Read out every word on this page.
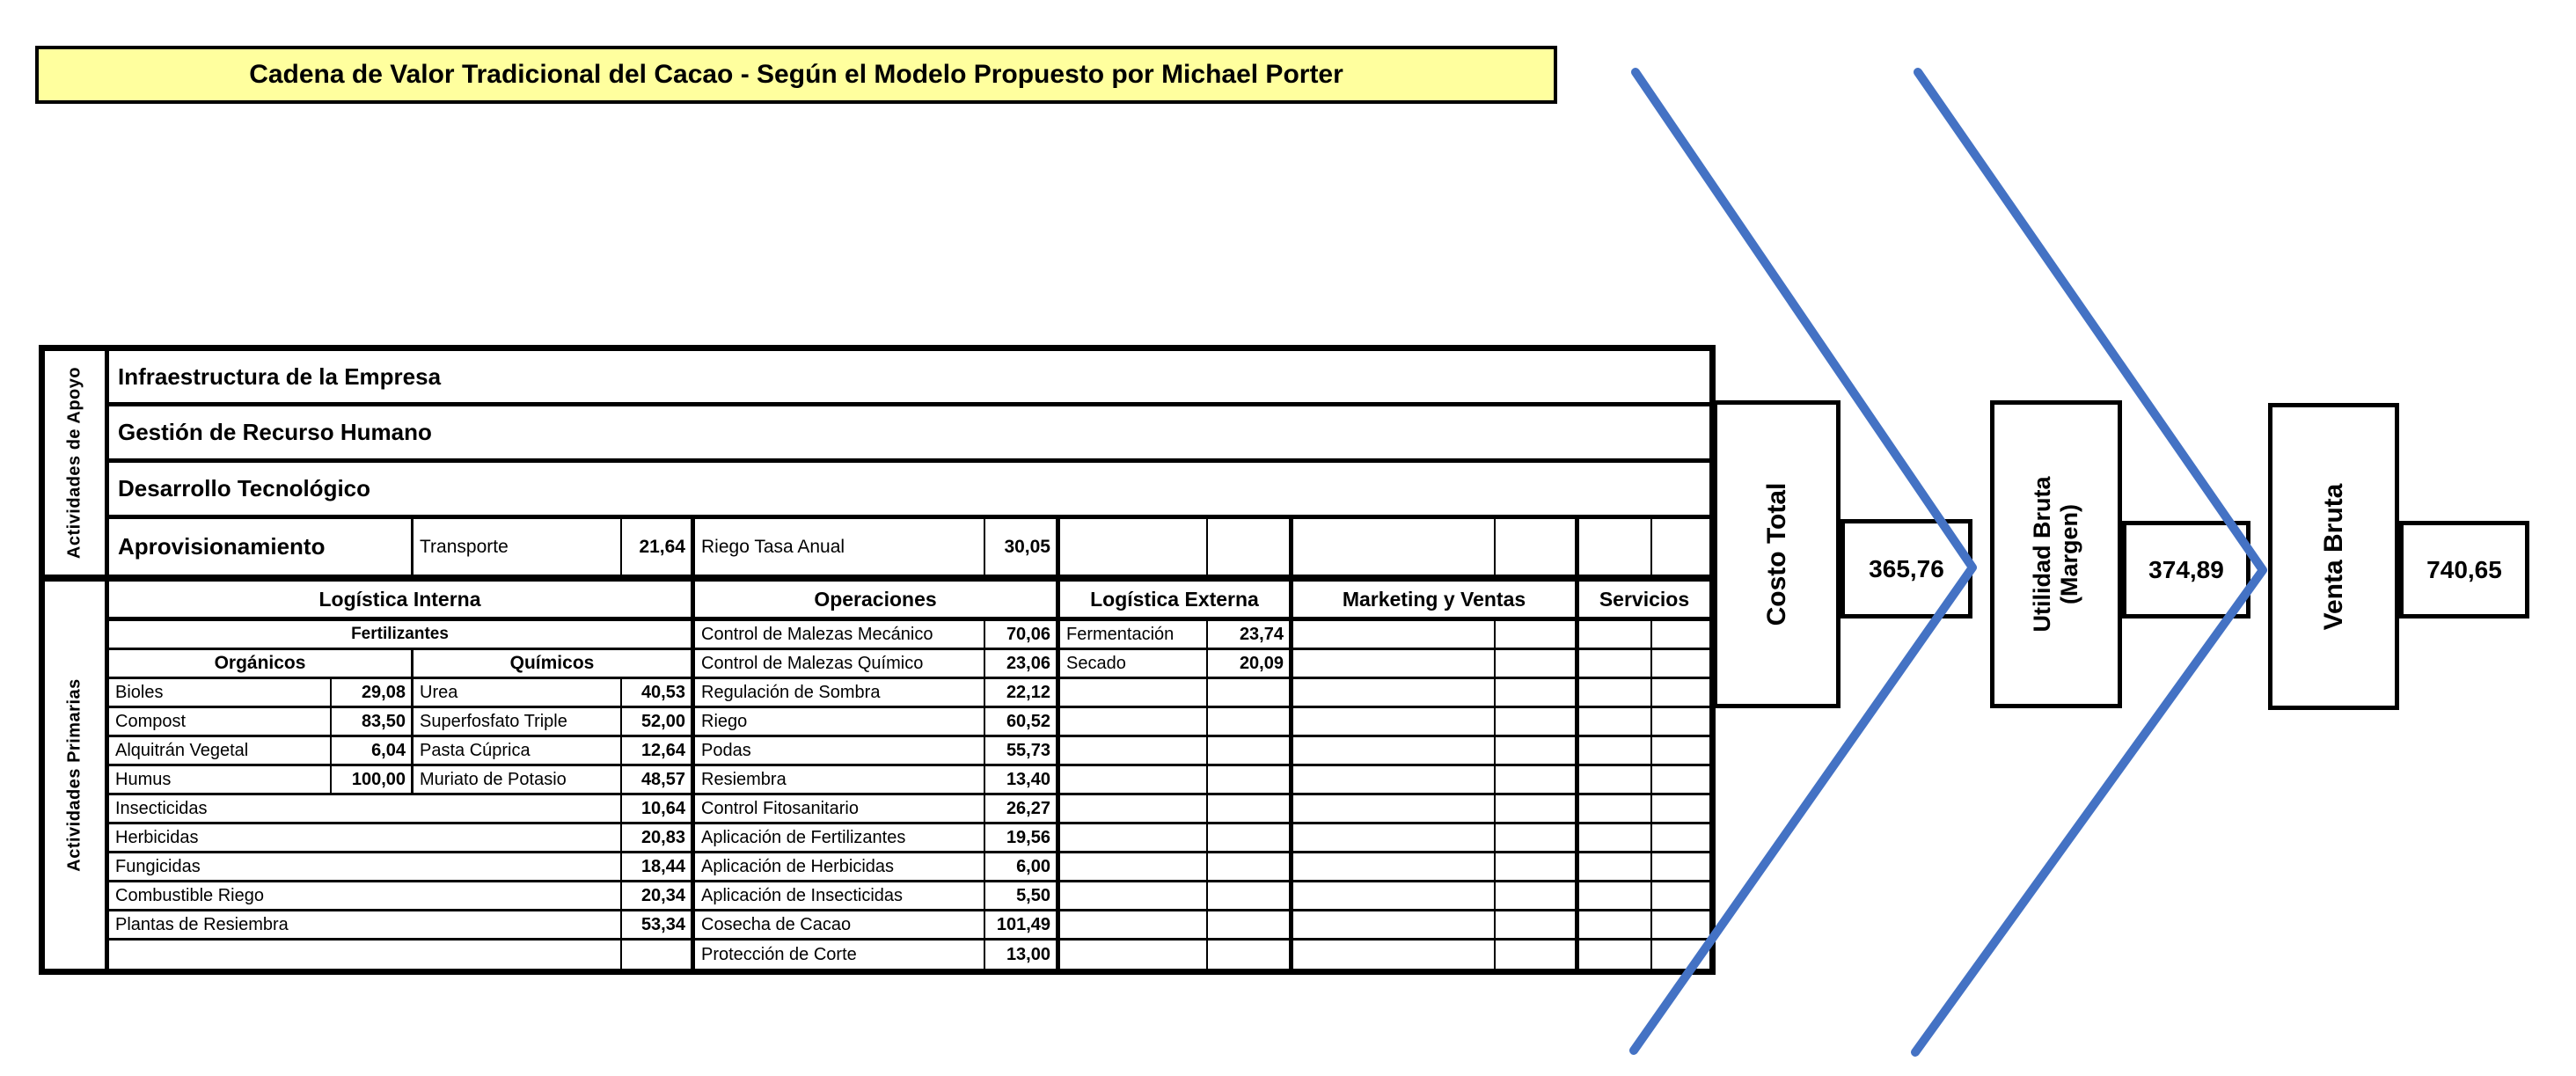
Cadena de Valor Tradicional del Cacao - Según el Modelo Propuesto por Michael Porter
Actividades de Apoyo	Infraestructura de la Empresa
Gestión de Recurso Humano
Desarrollo Tecnológico
Aprovisionamiento	Transporte	21,64 Riego Tasa Anual	30,05
Actividades Primarias
Logística Interna	Operaciones	Logística Externa	Marketing y Ventas	Servicios
Fertilizantes	Control de Malezas Mecánico	70,06 Fermentación	23,74
Orgánicos	Químicos	Control de Malezas Químico	23,06 Secado	20,09
Bioles	29,08 Urea	40,53 Regulación de Sombra	22,12
Compost	83,50 Superfosfato Triple	52,00 Riego	60,52
Alquitrán Vegetal	6,04 Pasta Cúprica	12,64 Podas	55,73
Humus	100,00 Muriato de Potasio	48,57 Resiembra	13,40
Insecticidas	10,64 Control Fitosanitario	26,27
Herbicidas	20,83 Aplicación de Fertilizantes	19,56
Fungicidas	18,44 Aplicación de Herbicidas	6,00
Combustible Riego	20,34 Aplicación de Insecticidas	5,50
Plantas de Resiembra	53,34 Cosecha de Cacao	101,49
Protección de Corte	13,00
Costo Total	365,76	Utilidad Bruta (Margen)	374,89	Venta Bruta	740,65
